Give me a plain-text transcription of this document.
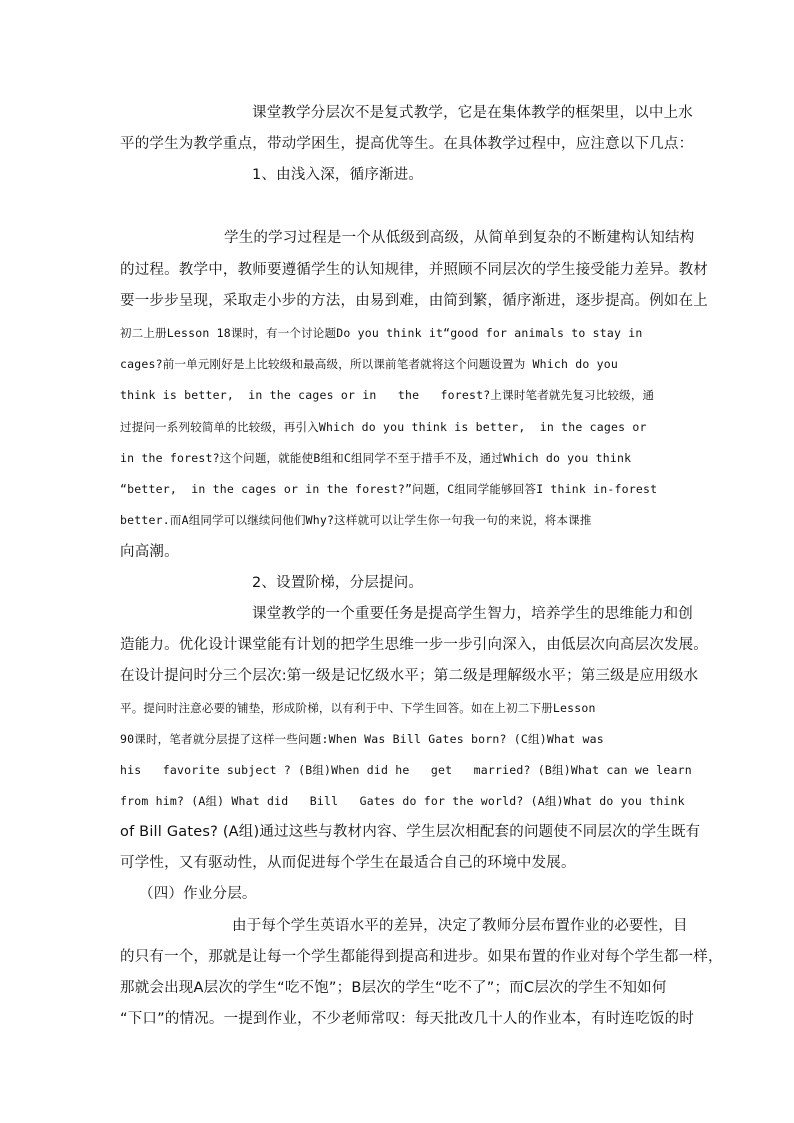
课堂教学分层次不是复式教学，它是在集体教学的框架里，以中上水
平的学生为教学重点，带动学困生，提高优等生。在具体教学过程中，应注意以下几点：
1、由浅入深，循序渐进。
学生的学习过程是一个从低级到高级，从简单到复杂的不断建构认知结构
的过程。教学中，教师要遵循学生的认知规律，并照顾不同层次的学生接受能力差异。教材
要一步步呈现，采取走小步的方法，由易到难，由简到繁，循序渐进，逐步提高。例如在上
初二上册Lesson 18课时，有一个讨论题Do you think it“good for animals to stay in
cages?前一单元刚好是上比较级和最高级，所以课前笔者就将这个问题设置为 Which do you
think is better,  in the cages or in   the   forest?上课时笔者就先复习比较级，通
过提问一系列较简单的比较级，再引入Which do you think is better,  in the cages or
in the forest?这个问题，就能使B组和C组同学不至于措手不及，通过Which do you think
“better,  in the cages or in the forest?”问题，C组同学能够回答I think in-forest
better.而A组同学可以继续问他们Why?这样就可以让学生你一句我一句的来说，将本课推
向高潮。
2、设置阶梯，分层提问。
课堂教学的一个重要任务是提高学生智力，培养学生的思维能力和创
造能力。优化设计课堂能有计划的把学生思维一步一步引向深入，由低层次向高层次发展。
在设计提问时分三个层次:第一级是记忆级水平；第二级是理解级水平；第三级是应用级水
平。提问时注意必要的铺垫，形成阶梯，以有利于中、下学生回答。如在上初二下册Lesson
90课时，笔者就分层提了这样一些问题:When Was Bill Gates born? (C组)What was
his   favorite subject ? (B组)When did he   get   married? (B组)What can we learn
from him? (A组) What did   Bill   Gates do for the world? (A组)What do you think
of Bill Gates? (A组)通过这些与教材内容、学生层次相配套的问题使不同层次的学生既有
可学性，又有驱动性，从而促进每个学生在最适合自己的环境中发展。
（四）作业分层。
由于每个学生英语水平的差异，决定了教师分层布置作业的必要性，目
的只有一个，那就是让每一个学生都能得到提高和进步。如果布置的作业对每个学生都一样，
那就会出现A层次的学生“吃不饱”；B层次的学生“吃不了”；而C层次的学生不知如何
“下口”的情况。一提到作业，不少老师常叹：每天批改几十人的作业本，有时连吃饭的时
